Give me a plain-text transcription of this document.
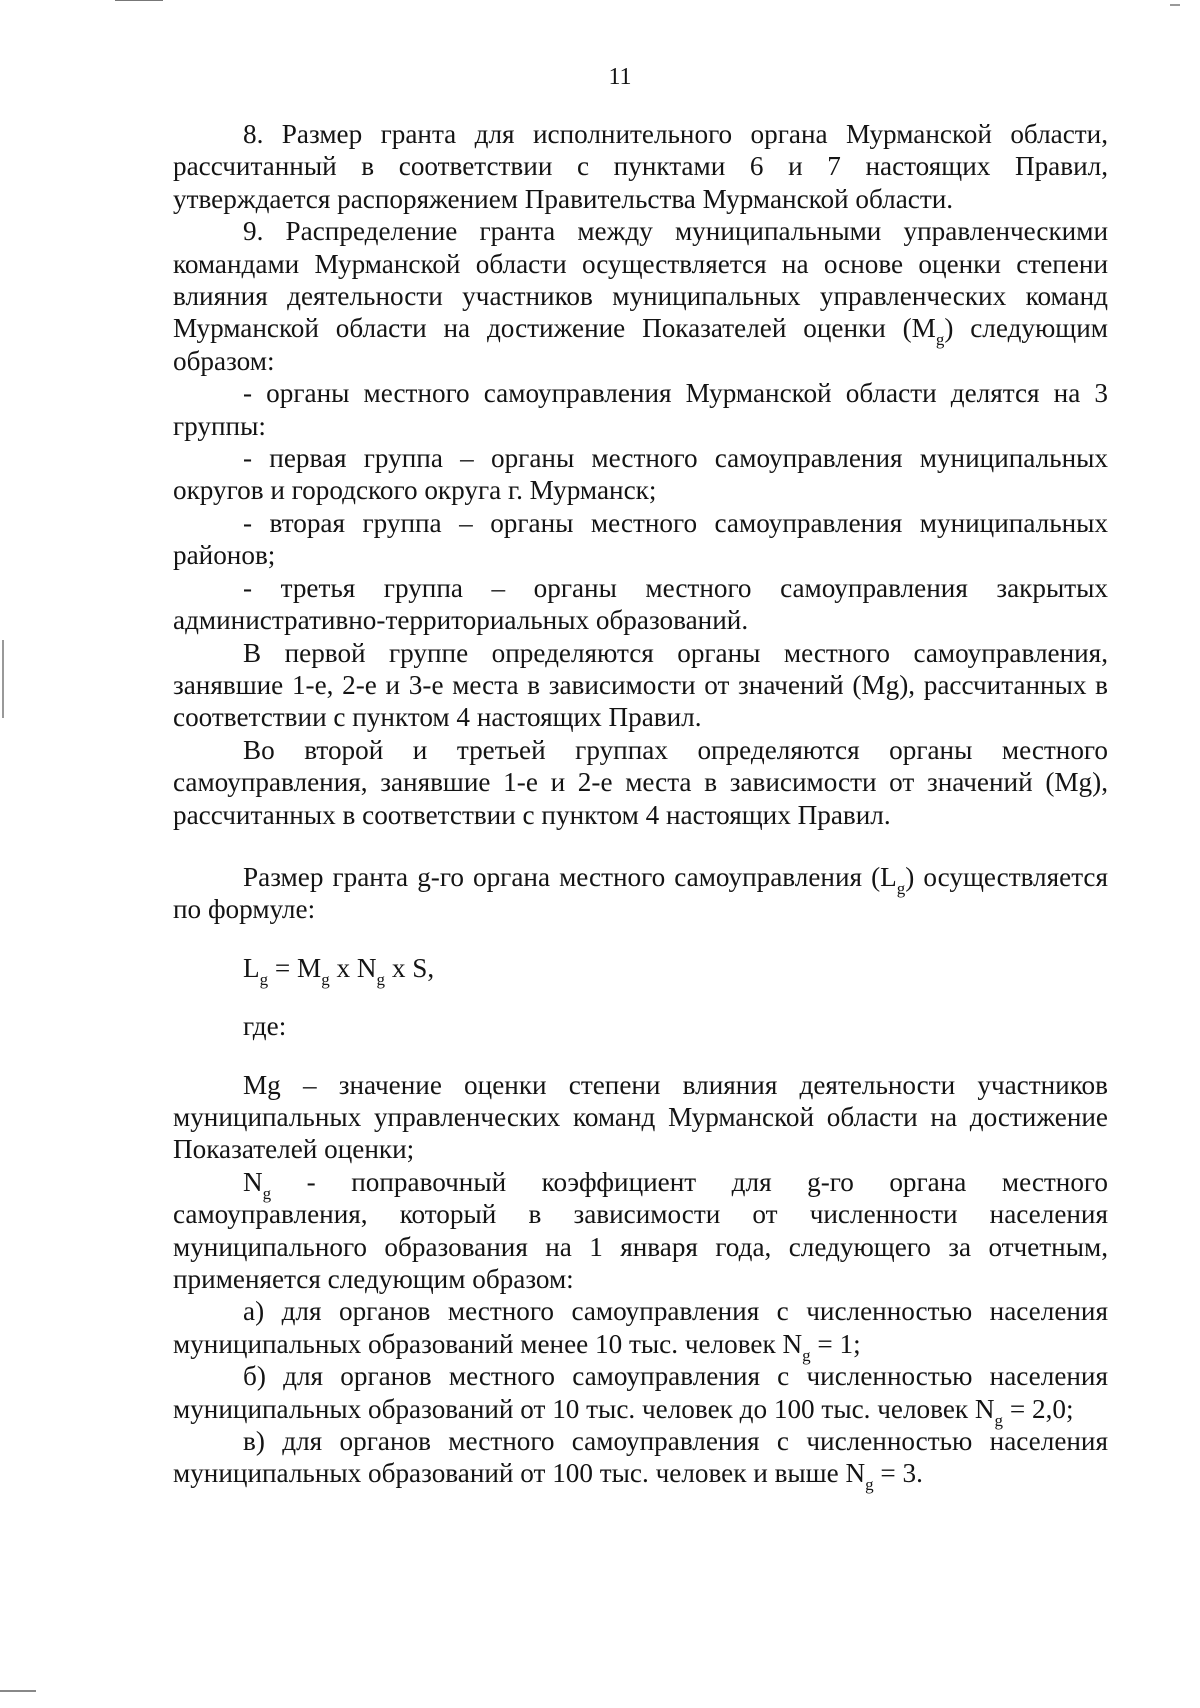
11

8. Размер гранта для исполнительного органа Мурманской области, рассчитанный в соответствии с пунктами 6 и 7 настоящих Правил, утверждается распоряжением Правительства Мурманской области.

9. Распределение гранта между муниципальными управленческими командами Мурманской области осуществляется на основе оценки степени влияния деятельности участников муниципальных управленческих команд Мурманской области на достижение Показателей оценки $(M_g)$ следующим образом:

- органы местного самоуправления Мурманской области делятся на 3 группы:

- первая группа – органы местного самоуправления муниципальных округов и городского округа г. Мурманск;

- вторая группа – органы местного самоуправления муниципальных районов;

- третья группа – органы местного самоуправления закрытых административно-территориальных образований.

В первой группе определяются органы местного самоуправления, занявшие 1-е, 2-е и 3-е места в зависимости от значений (Mg), рассчитанных в соответствии с пунктом 4 настоящих Правил.

Во второй и третьей группах определяются органы местного самоуправления, занявшие 1-е и 2-е места в зависимости от значений (Mg), рассчитанных в соответствии с пунктом 4 настоящих Правил.

Размер гранта g-го органа местного самоуправления $(L_g)$ осуществляется по формуле:

$L_g = M_g$ x $N_g$ x S,

где:

Mg – значение оценки степени влияния деятельности участников муниципальных управленческих команд Мурманской области на достижение Показателей оценки;

$N_g$ - поправочный коэффициент для g-го органа местного самоуправления, который в зависимости от численности населения муниципального образования на 1 января года, следующего за отчетным, применяется следующим образом:

а) для органов местного самоуправления с численностью населения муниципальных образований менее 10 тыс. человек $N_g = 1$;

б) для органов местного самоуправления с численностью населения муниципальных образований от 10 тыс. человек до 100 тыс. человек $N_g = 2,0$;

в) для органов местного самоуправления с численностью населения муниципальных образований от 100 тыс. человек и выше $N_g = 3$.
